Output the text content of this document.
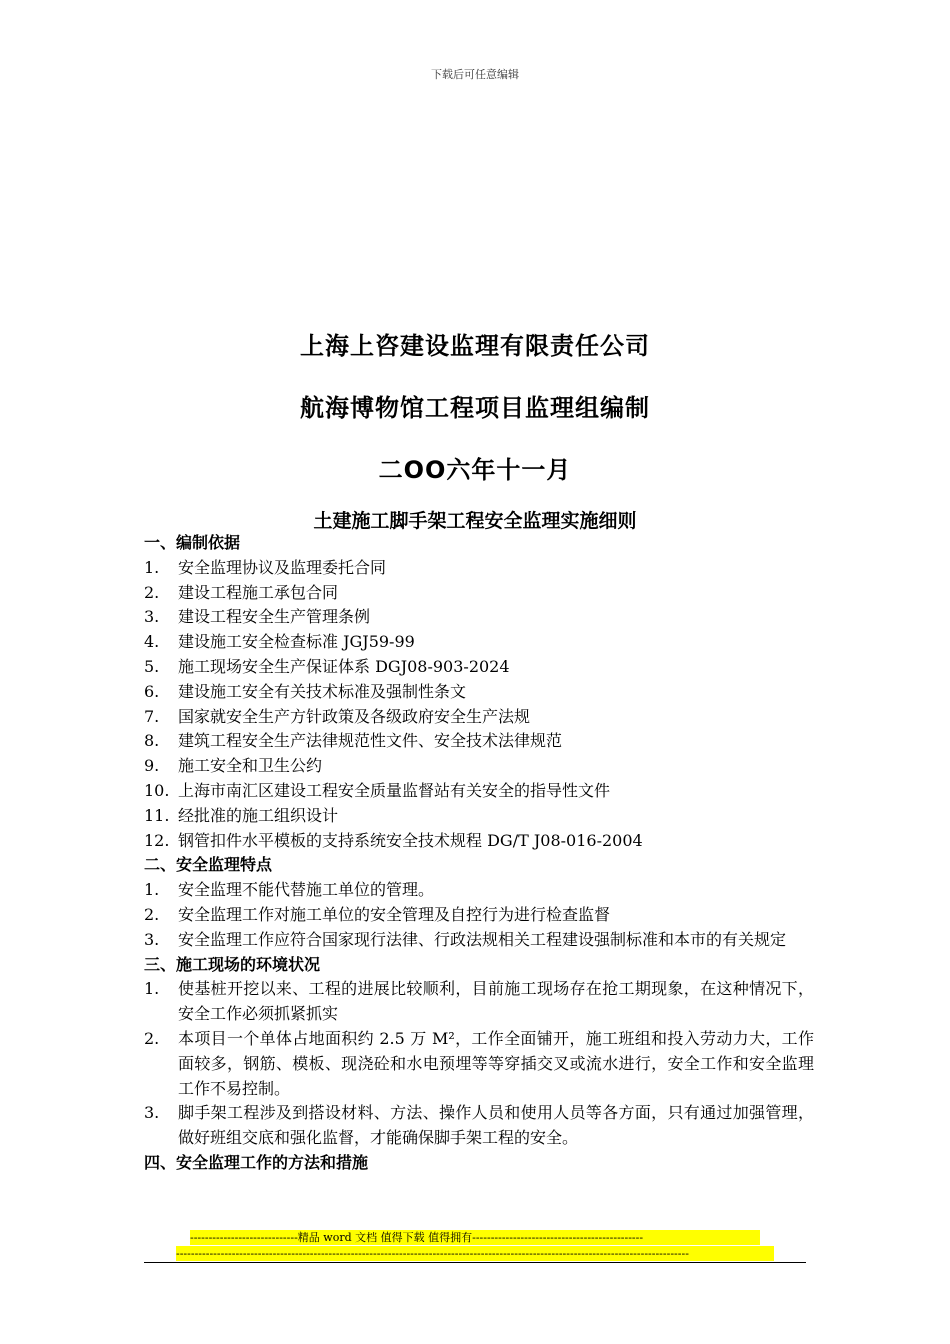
下载后可任意编辑
上海上咨建设监理有限责任公司
航海博物馆工程项目监理组编制
二OO六年十一月
土建施工脚手架工程安全监理实施细则
一、编制依据
1.	安全监理协议及监理委托合同
2.	建设工程施工承包合同
3.	建设工程安全生产管理条例
4.	建设施工安全检查标准 JGJ59-99
5.	施工现场安全生产保证体系 DGJ08-903-2024
6.	建设施工安全有关技术标准及强制性条文
7.	国家就安全生产方针政策及各级政府安全生产法规
8.	建筑工程安全生产法律规范性文件、安全技术法律规范
9.	施工安全和卫生公约
10. 上海市南汇区建设工程安全质量监督站有关安全的指导性文件
11. 经批准的施工组织设计
12. 钢管扣件水平模板的支持系统安全技术规程 DG/T J08-016-2004
二、安全监理特点
1.	安全监理不能代替施工单位的管理。
2.	安全监理工作对施工单位的安全管理及自控行为进行检查监督
3.	安全监理工作应符合国家现行法律、行政法规相关工程建设强制标准和本市的有关规定
三、施工现场的环境状况
1.	使基桩开挖以来、工程的进展比较顺利，目前施工现场存在抢工期现象，在这种情况下，安全工作必须抓紧抓实
2.	本项目一个单体占地面积约 2.5 万 M²，工作全面铺开，施工班组和投入劳动力大，工作面较多，钢筋、模板、现浇砼和水电预埋等等穿插交叉或流水进行，安全工作和安全监理工作不易控制。
3.	脚手架工程涉及到搭设材料、方法、操作人员和使用人员等各方面，只有通过加强管理，做好班组交底和强化监督，才能确保脚手架工程的安全。
四、安全监理工作的方法和措施
-----------------------------精品 word 文档 值得下载 值得拥有----------------------------------------------
------------------------------------------------------------------------------------------------------------------------------------------
